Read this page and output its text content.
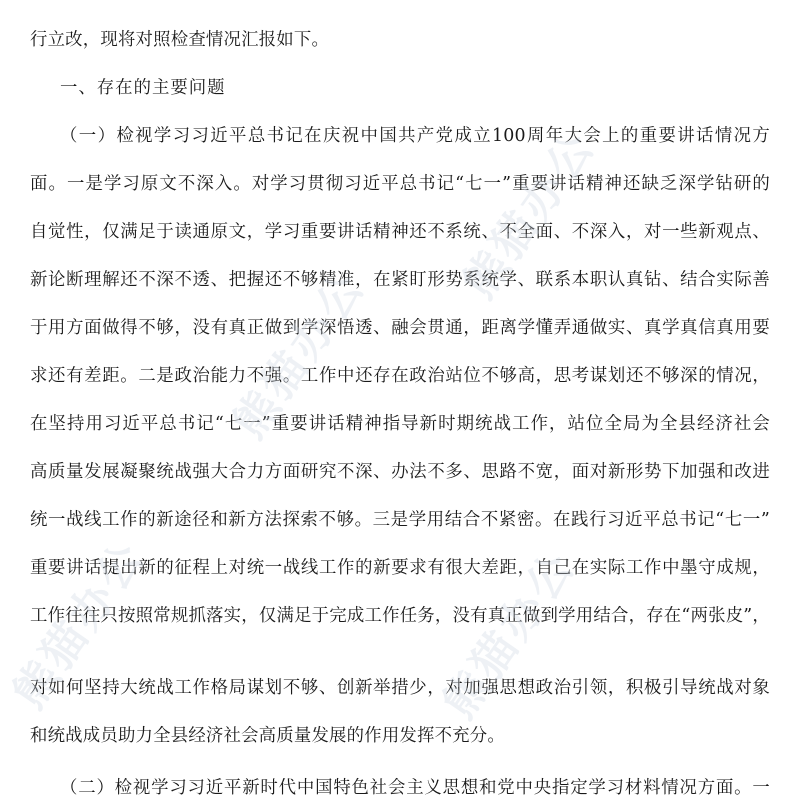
行立改，现将对照检查情况汇报如下。
一、存在的主要问题
（一）检视学习习近平总书记在庆祝中国共产党成立100周年大会上的重要讲话情况方
面。一是学习原文不深入。对学习贯彻习近平总书记“七一”重要讲话精神还缺乏深学钻研的
自觉性，仅满足于读通原文，学习重要讲话精神还不系统、不全面、不深入，对一些新观点、
新论断理解还不深不透、把握还不够精准，在紧盯形势系统学、联系本职认真钻、结合实际善
于用方面做得不够，没有真正做到学深悟透、融会贯通，距离学懂弄通做实、真学真信真用要
求还有差距。二是政治能力不强。工作中还存在政治站位不够高，思考谋划还不够深的情况，
在坚持用习近平总书记“七一”重要讲话精神指导新时期统战工作，站位全局为全县经济社会
高质量发展凝聚统战强大合力方面研究不深、办法不多、思路不宽，面对新形势下加强和改进
统一战线工作的新途径和新方法探索不够。三是学用结合不紧密。在践行习近平总书记“七一”
重要讲话提出新的征程上对统一战线工作的新要求有很大差距，自己在实际工作中墨守成规，
工作往往只按照常规抓落实，仅满足于完成工作任务，没有真正做到学用结合，存在“两张皮”，
对如何坚持大统战工作格局谋划不够、创新举措少，对加强思想政治引领，积极引导统战对象
和统战成员助力全县经济社会高质量发展的作用发挥不充分。
（二）检视学习习近平新时代中国特色社会主义思想和党中央指定学习材料情况方面。一
熊猫办公
熊猫办公
熊猫办公	熊猫办公
